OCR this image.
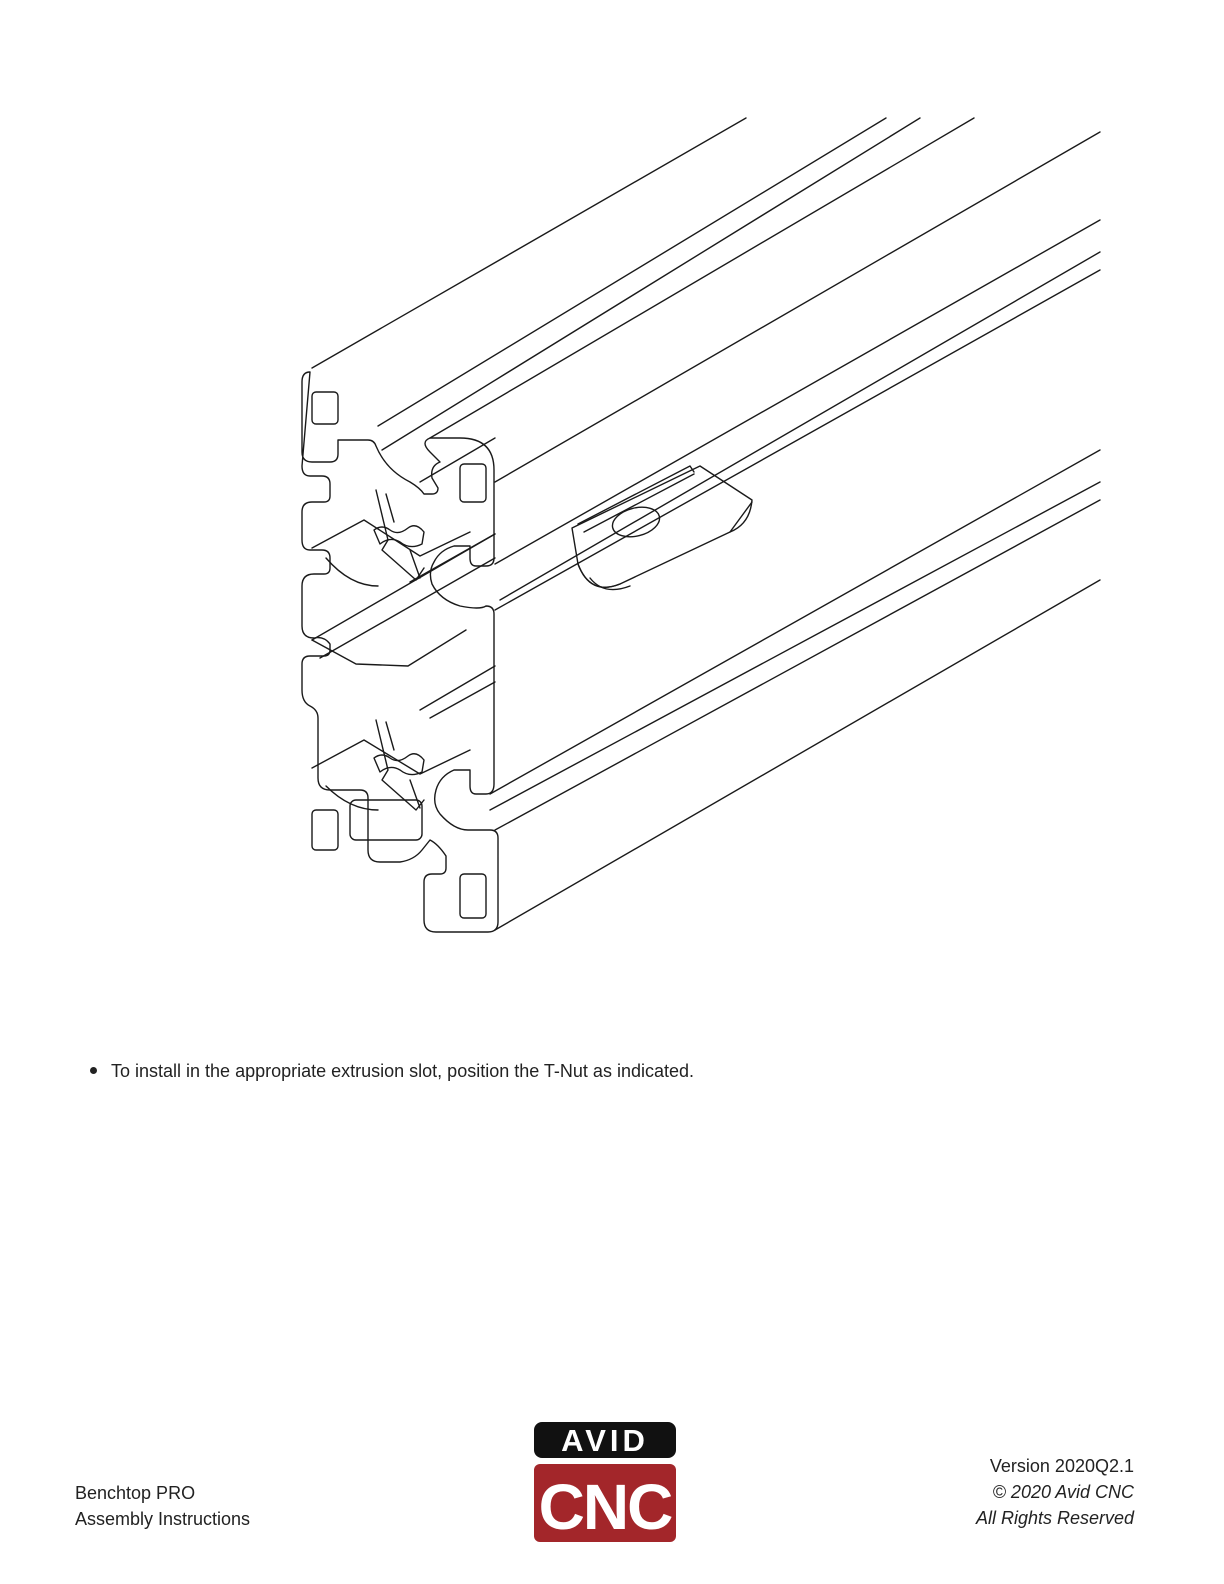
To install in the appropriate extrusion slot, position the T-Nut as indicated.
Benchtop PRO
Assembly Instructions
AVID
CNC
Version 2020Q2.1
© 2020 Avid CNC
All Rights Reserved
